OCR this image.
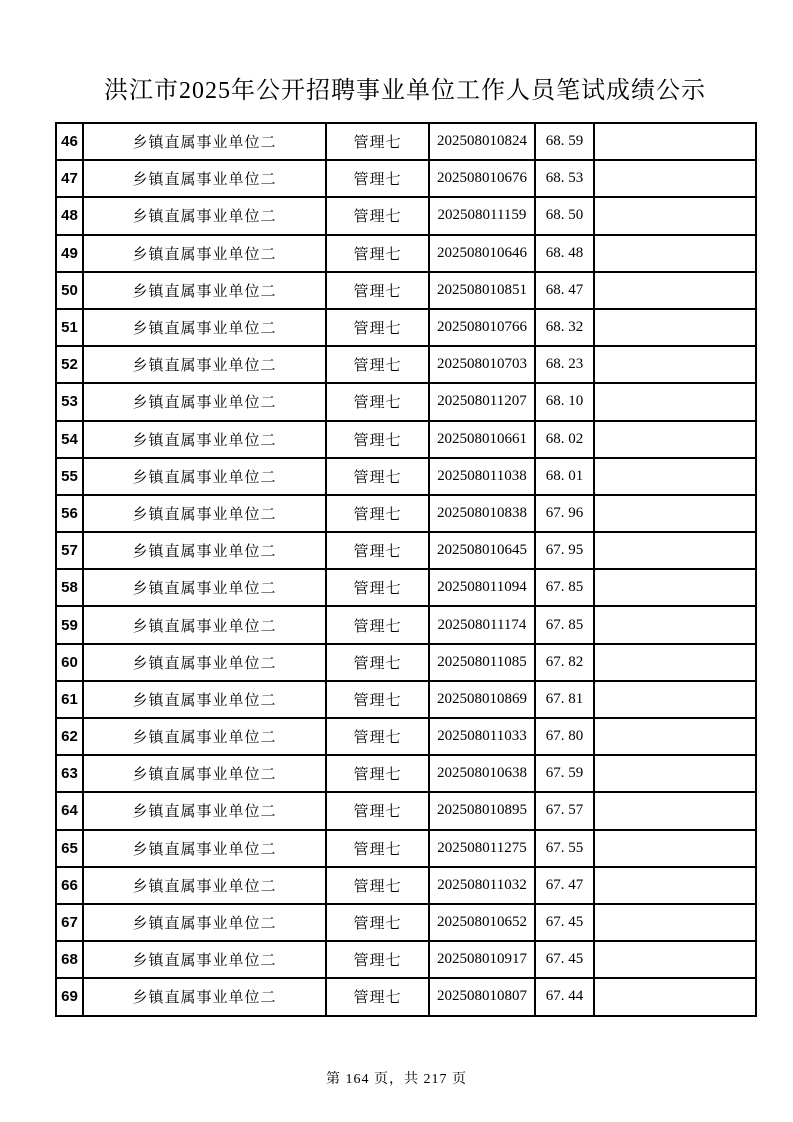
洪江市2025年公开招聘事业单位工作人员笔试成绩公示
46	乡镇直属事业单位二	管理七	202508010824	68. 59	
47	乡镇直属事业单位二	管理七	202508010676	68. 53	
48	乡镇直属事业单位二	管理七	202508011159	68. 50	
49	乡镇直属事业单位二	管理七	202508010646	68. 48	
50	乡镇直属事业单位二	管理七	202508010851	68. 47	
51	乡镇直属事业单位二	管理七	202508010766	68. 32	
52	乡镇直属事业单位二	管理七	202508010703	68. 23	
53	乡镇直属事业单位二	管理七	202508011207	68. 10	
54	乡镇直属事业单位二	管理七	202508010661	68. 02	
55	乡镇直属事业单位二	管理七	202508011038	68. 01	
56	乡镇直属事业单位二	管理七	202508010838	67. 96	
57	乡镇直属事业单位二	管理七	202508010645	67. 95	
58	乡镇直属事业单位二	管理七	202508011094	67. 85	
59	乡镇直属事业单位二	管理七	202508011174	67. 85	
60	乡镇直属事业单位二	管理七	202508011085	67. 82	
61	乡镇直属事业单位二	管理七	202508010869	67. 81	
62	乡镇直属事业单位二	管理七	202508011033	67. 80	
63	乡镇直属事业单位二	管理七	202508010638	67. 59	
64	乡镇直属事业单位二	管理七	202508010895	67. 57	
65	乡镇直属事业单位二	管理七	202508011275	67. 55	
66	乡镇直属事业单位二	管理七	202508011032	67. 47	
67	乡镇直属事业单位二	管理七	202508010652	67. 45	
68	乡镇直属事业单位二	管理七	202508010917	67. 45	
69	乡镇直属事业单位二	管理七	202508010807	67. 44	
第 164 页，共 217 页
